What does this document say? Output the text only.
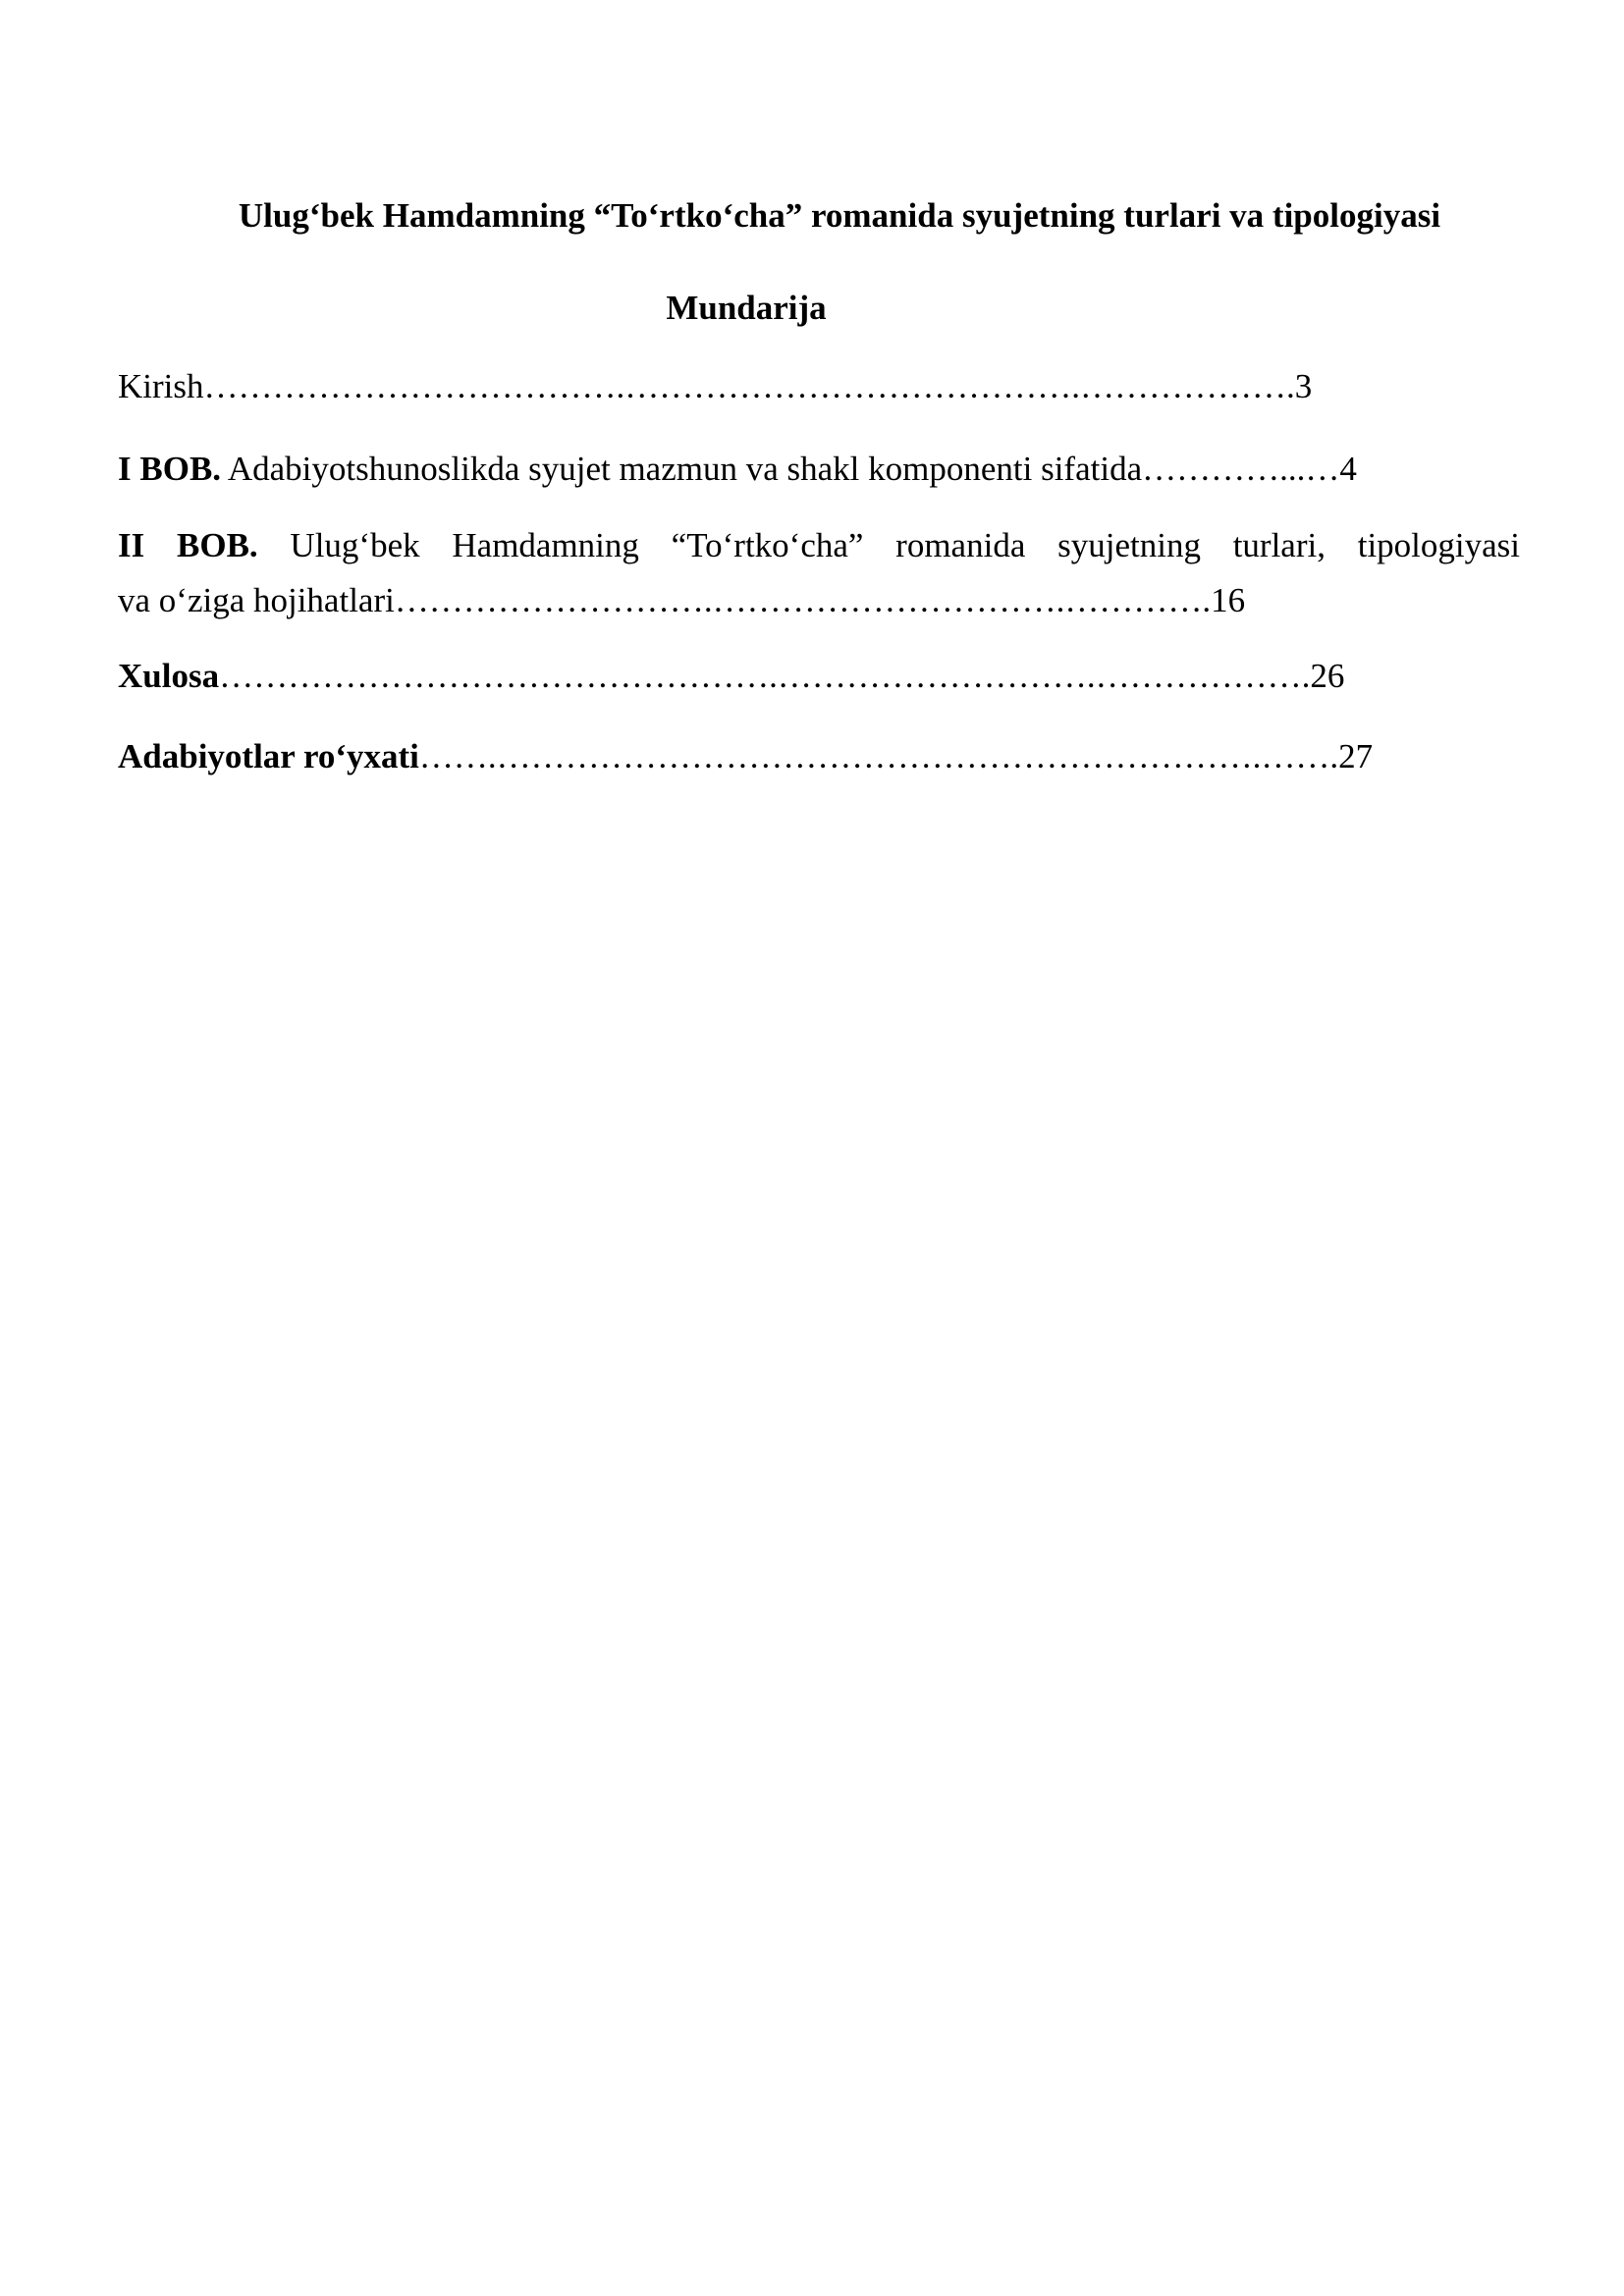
Ulug‘bek Hamdamning “To‘rtko‘cha” romanida syujetning turlari va tipologiyasi
Mundarija
Kirish……………………………….………………………………….……………….3
I BOB. Adabiyotshunoslikda syujet mazmun va shakl komponenti sifatida…………...…4
II BOB. Ulug‘bek Hamdamning “To‘rtko‘cha” romanida syujetning turlari, tipologiyasi
va o‘ziga hojihatlari……………………….………………………….………….16
Xulosa………………………………………….……………………….……………….26
Adabiyotlar ro‘yxati…….………………………………………………………….…….27
